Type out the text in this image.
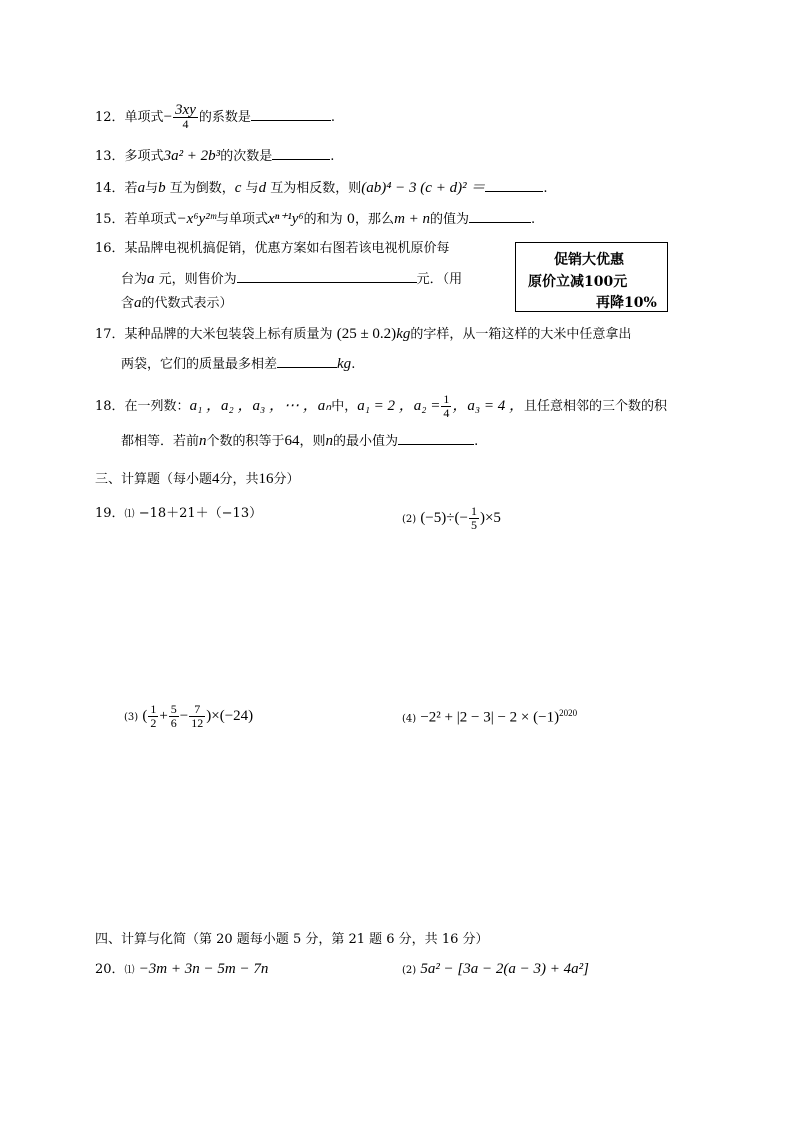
12．单项式− $\frac{3xy}{4}$ 的系数是	.
13．多项式3a² + 2b³的次数是	.
14．若a与b 互为倒数，c 与d 互为相反数，则(ab)⁴ − 3 (c + d)² ＝	.
15．若单项式−x⁶y²ᵐ与单项式xⁿ⁺¹y⁶的和为 0，那么m + n的值为	.
16．某品牌电视机搞促销，优惠方案如右图若该电视机原价每
台为a 元，则售价为	元．（用
含a的代数式表示）
促销大优惠
原价立减100元
再降10%
17．某种品牌的大米包装袋上标有质量为 (25 ± 0.2)kg的字样，从一箱这样的大米中任意拿出
两袋，它们的质量最多相差	kg.
18．在一列数：a₁ ，a₂ ，a₃ ，⋯ ，aₙ中，a₁ = 2 ，$a_2 = \frac{1}{4}$ ，a₃ = 4 ，且任意相邻的三个数的积
都相等．若前n个数的积等于64，则n的最小值为	.
三、计算题（每小题4分，共16分）
19．⑴ −18＋21＋（−13）	(2) $(-5)\div(- \frac{1}{5} )\times 5$
(3) ( $\frac{1}{2} + \frac{5}{6} - \frac{7}{12} )\times(-24)$	$(4) -2^2 + |2 - 3| - 2 \times (-1)^{2020}$
四、计算与化简（第 20 题每小题 5 分，第 21 题 6 分，共 16 分）
20．⑴ −3m + 3n − 5m − 7n	(2) 5a² − [3a − 2(a − 3) + 4a²]
